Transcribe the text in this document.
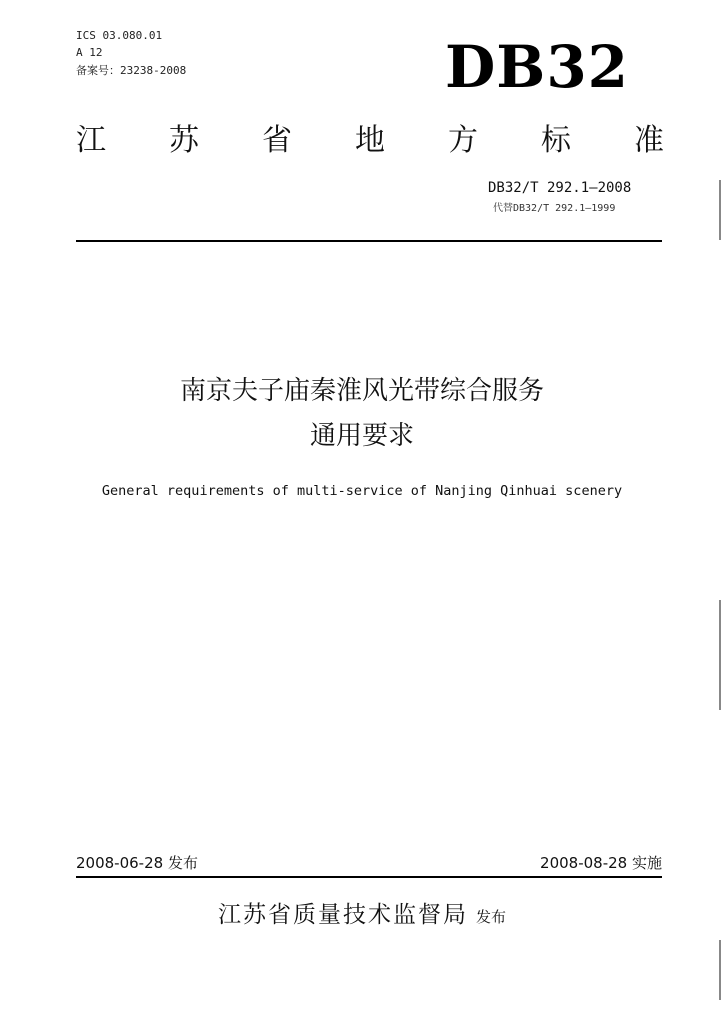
ICS 03.080.01
A 12
备案号：23238-2008	DB32
江 苏 省 地 方 标 准
DB32/T 292.1—2008
代替DB32/T 292.1—1999
南京夫子庙秦淮风光带综合服务
通用要求
General requirements of multi-service of Nanjing Qinhuai scenery
2008-06-28 发布	2008-08-28 实施
江苏省质量技术监督局 发布
